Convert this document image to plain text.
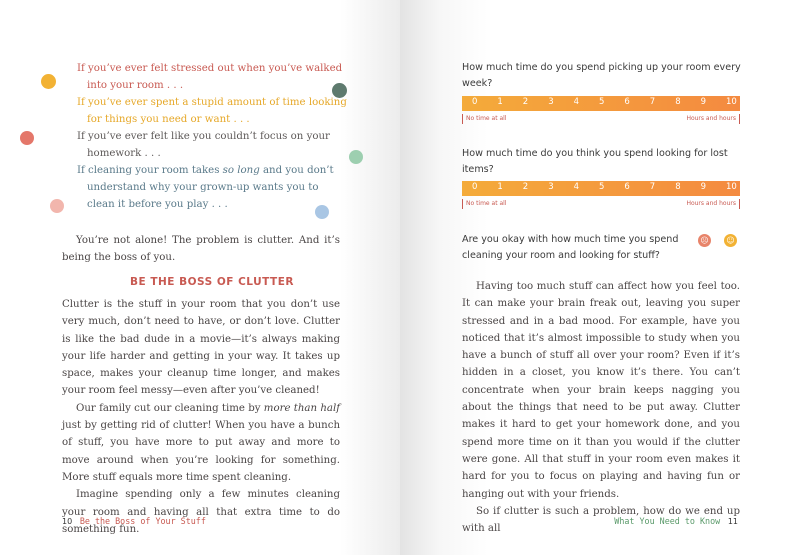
If you’ve ever felt stressed out when you’ve walked into your room . . .

If you’ve ever spent a stupid amount of time looking for things you need or want . . .

If you’ve ever felt like you couldn’t focus on your homework . . .

If cleaning your room takes so long and you don’t understand why your grown-up wants you to clean it before you play . . .

You’re not alone! The problem is clutter. And it’s being the boss of you.

BE THE BOSS OF CLUTTER

Clutter is the stuff in your room that you don’t use very much, don’t need to have, or don’t love. Clutter is like the bad dude in a movie—it’s always making your life harder and getting in your way. It takes up space, makes your cleanup time longer, and makes your room feel messy—even after you’ve cleaned!

Our family cut our cleaning time by more than half just by getting rid of clutter! When you have a bunch of stuff, you have more to put away and more to move around when you’re looking for something. More stuff equals more time spent cleaning.

Imagine spending only a few minutes cleaning your room and having all that extra time to do something fun.

10 Be the Boss of Your Stuff
How much time do you spend picking up your room every week?
0 1 2 3 4 5 6 7 8 9 10
No time at all	Hours and hours
How much time do you think you spend looking for lost items?
0 1 2 3 4 5 6 7 8 9 10
No time at all	Hours and hours
Are you okay with how much time you spend cleaning your room and looking for stuff?
☹ ☺

Having too much stuff can affect how you feel too. It can make your brain freak out, leaving you super stressed and in a bad mood. For example, have you noticed that it’s almost impossible to study when you have a bunch of stuff all over your room? Even if it’s hidden in a closet, you know it’s there. You can’t concentrate when your brain keeps nagging you about the things that need to be put away. Clutter makes it hard to get your homework done, and you spend more time on it than you would if the clutter were gone. All that stuff in your room even makes it hard for you to focus on playing and having fun or hanging out with your friends.

So if clutter is such a problem, how do we end up with all

What You Need to Know 11
